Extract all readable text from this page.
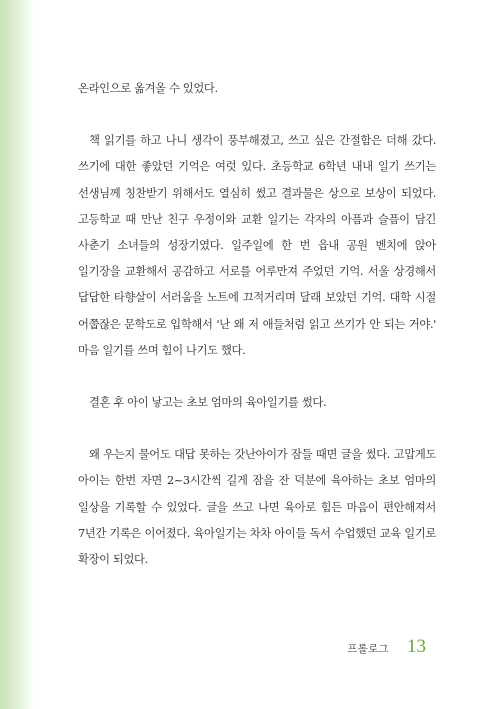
온라인으로 옮겨올 수 있었다.

책 읽기를 하고 나니 생각이 풍부해졌고, 쓰고 싶은 간절함은 더해 갔다. 쓰기에 대한 좋았던 기억은 여럿 있다. 초등학교 6학년 내내 일기 쓰기는 선생님께 칭찬받기 위해서도 열심히 썼고 결과물은 상으로 보상이 되었다. 고등학교 때 만난 친구 우정이와 교환 일기는 각자의 아픔과 슬픔이 담긴 사춘기 소녀들의 성장기였다. 일주일에 한 번 읍내 공원 벤치에 앉아 일기장을 교환해서 공감하고 서로를 어루만져 주었던 기억. 서울 상경해서 답답한 타향살이 서러움을 노트에 끄적거리며 달래 보았던 기억. 대학 시절 어쭙잖은 문학도로 입학해서 '난 왜 저 애들처럼 읽고 쓰기가 안 되는 거야.' 마음 일기를 쓰며 힘이 나기도 했다.

결혼 후 아이 낳고는 초보 엄마의 육아일기를 썼다.

왜 우는지 물어도 대답 못하는 갓난아이가 잠들 때면 글을 썼다. 고맙게도 아이는 한번 자면 2~3시간씩 길게 잠을 잔 덕분에 육아하는 초보 엄마의 일상을 기록할 수 있었다. 글을 쓰고 나면 육아로 힘든 마음이 편안해져서 7년간 기록은 이어졌다. 육아일기는 차차 아이들 독서 수업했던 교육 일기로 확장이 되었다.

프롤로그 13
